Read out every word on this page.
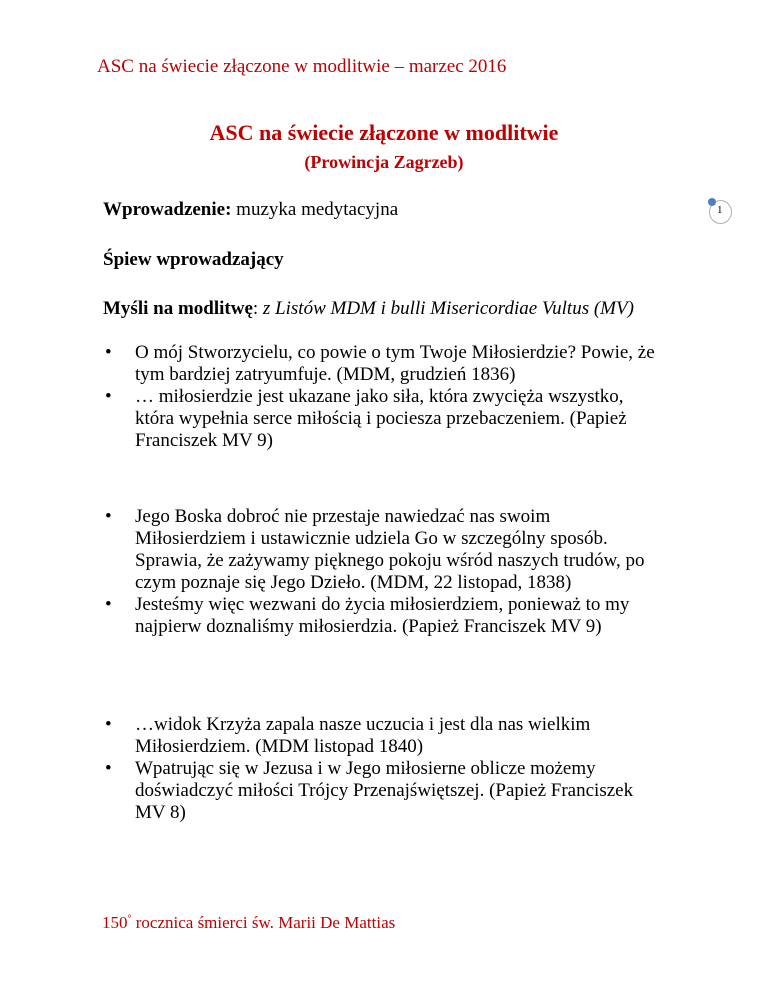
ASC na świecie złączone w modlitwie – marzec 2016
ASC na świecie złączone w modlitwie
(Prowincja Zagrzeb)
Wprowadzenie: muzyka medytacyjna
Śpiew wprowadzający
Myśli na modlitwę: z Listów MDM i bulli Misericordiae Vultus (MV)
• O mój Stworzycielu, co powie o tym Twoje Miłosierdzie? Powie, że tym bardziej zatryumfuje. (MDM, grudzień 1836)
• … miłosierdzie jest ukazane jako siła, która zwycięża wszystko, która wypełnia serce miłością i pociesza przebaczeniem. (Papież Franciszek MV 9)
• Jego Boska dobroć nie przestaje nawiedzać nas swoim Miłosierdziem i ustawicznie udziela Go w szczególny sposób. Sprawia, że zażywamy pięknego pokoju wśród naszych trudów, po czym poznaje się Jego Dzieło. (MDM, 22 listopad, 1838)
• Jesteśmy więc wezwani do życia miłosierdziem, ponieważ to my najpierw doznaliśmy miłosierdzia. (Papież Franciszek MV 9)
• …widok Krzyża zapala nasze uczucia i jest dla nas wielkim Miłosierdziem. (MDM listopad 1840)
• Wpatrując się w Jezusa i w Jego miłosierne oblicze możemy doświadczyć miłości Trójcy Przenajświętszej. (Papież Franciszek MV 8)
150° rocznica śmierci św. Marii De Mattias
1
